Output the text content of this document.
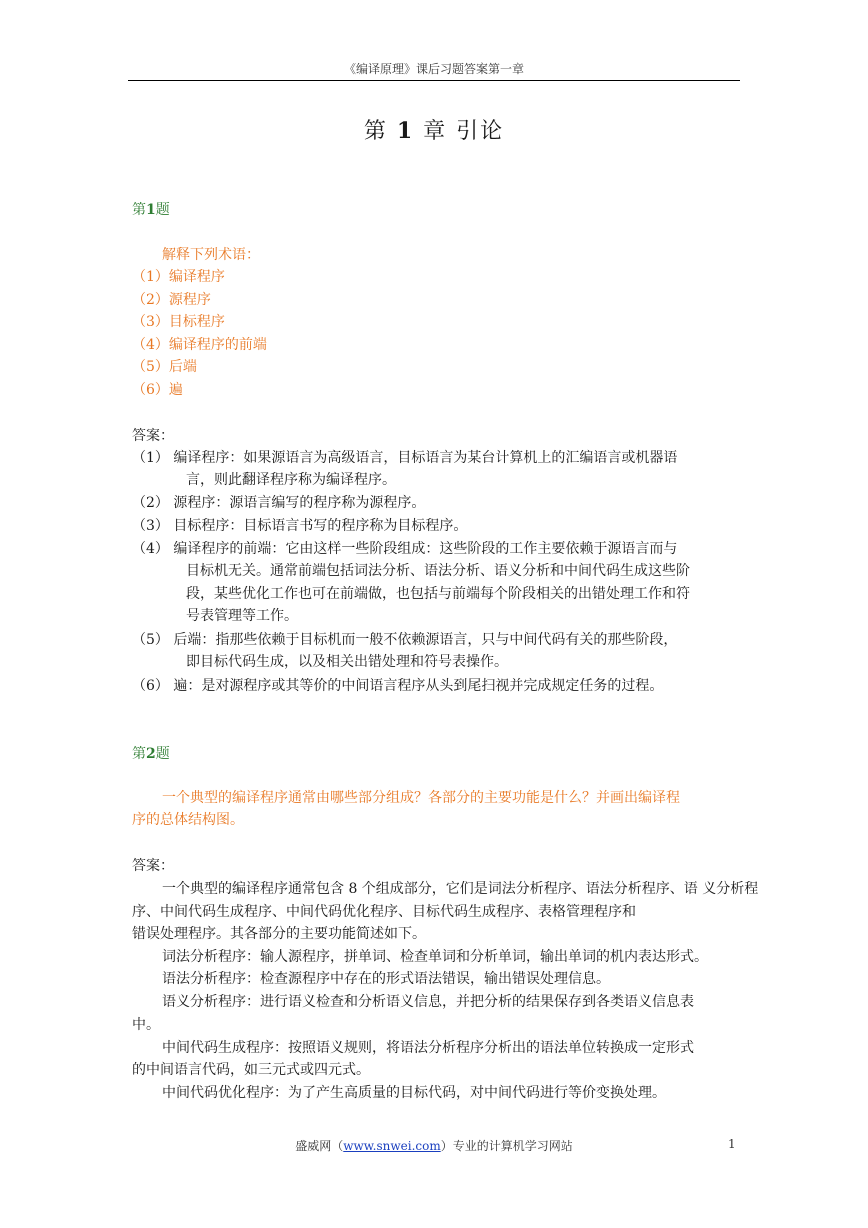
《编译原理》课后习题答案第一章
第 1 章 引论
第1题
解释下列术语：
（1）编译程序
（2）源程序
（3）目标程序
（4）编译程序的前端
（5）后端
（6）遍
答案：
（1） 编译程序：如果源语言为高级语言，目标语言为某台计算机上的汇编语言或机器语
言，则此翻译程序称为编译程序。
（2） 源程序：源语言编写的程序称为源程序。
（3） 目标程序：目标语言书写的程序称为目标程序。
（4） 编译程序的前端：它由这样一些阶段组成：这些阶段的工作主要依赖于源语言而与
目标机无关。通常前端包括词法分析、语法分析、语义分析和中间代码生成这些阶
段，某些优化工作也可在前端做，也包括与前端每个阶段相关的出错处理工作和符
号表管理等工作。
（5） 后端：指那些依赖于目标机而一般不依赖源语言，只与中间代码有关的那些阶段，
即目标代码生成，以及相关出错处理和符号表操作。
（6） 遍：是对源程序或其等价的中间语言程序从头到尾扫视并完成规定任务的过程。
第2题
一个典型的编译程序通常由哪些部分组成？各部分的主要功能是什么？并画出编译程
序的总体结构图。
答案：
一个典型的编译程序通常包含 8 个组成部分，它们是词法分析程序、语法分析程序、语 义分析程
序、中间代码生成程序、中间代码优化程序、目标代码生成程序、表格管理程序和
错误处理程序。其各部分的主要功能简述如下。
词法分析程序：输人源程序，拼单词、检查单词和分析单词，输出单词的机内表达形式。
语法分析程序：检查源程序中存在的形式语法错误，输出错误处理信息。
语义分析程序：进行语义检查和分析语义信息，并把分析的结果保存到各类语义信息表
中。
中间代码生成程序：按照语义规则，将语法分析程序分析出的语法单位转换成一定形式
的中间语言代码，如三元式或四元式。
中间代码优化程序：为了产生高质量的目标代码，对中间代码进行等价变换处理。
盛威网（www.snwei.com）专业的计算机学习网站	1
